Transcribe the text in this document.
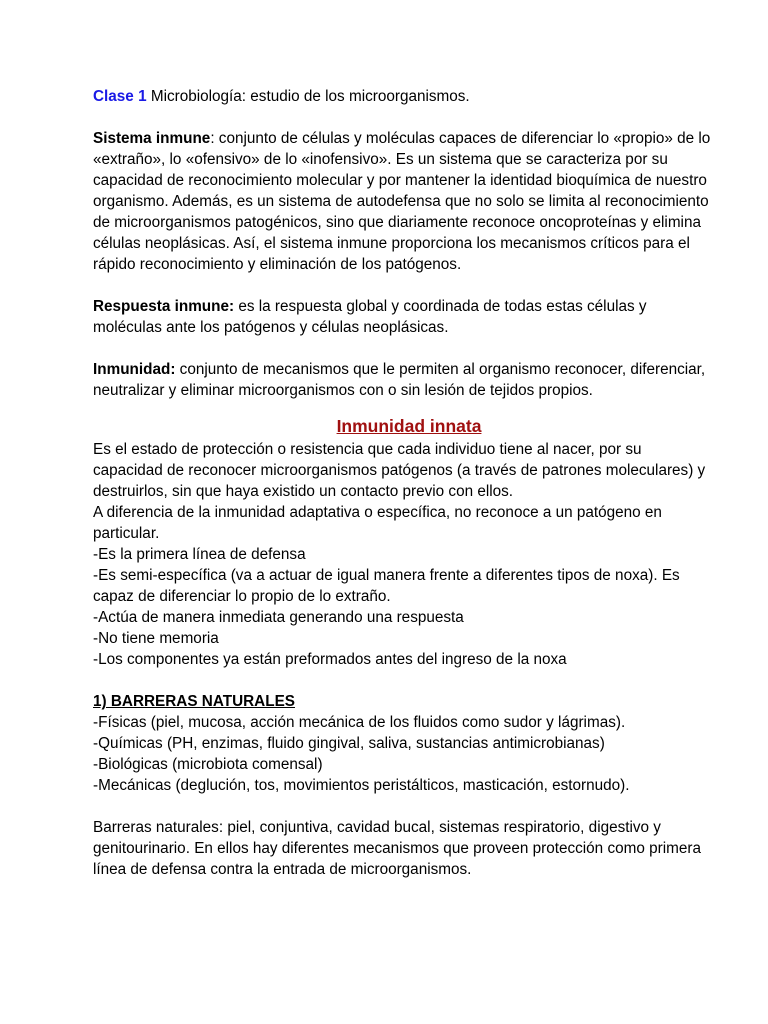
Clase 1 Microbiología: estudio de los microorganismos.

Sistema inmune: conjunto de células y moléculas capaces de diferenciar lo «propio» de lo «extraño», lo «ofensivo» de lo «inofensivo». Es un sistema que se caracteriza por su capacidad de reconocimiento molecular y por mantener la identidad bioquímica de nuestro organismo. Además, es un sistema de autodefensa que no solo se limita al reconocimiento de microorganismos patogénicos, sino que diariamente reconoce oncoproteínas y elimina células neoplásicas. Así, el sistema inmune proporciona los mecanismos críticos para el rápido reconocimiento y eliminación de los patógenos.

Respuesta inmune: es la respuesta global y coordinada de todas estas células y moléculas ante los patógenos y células neoplásicas.

Inmunidad: conjunto de mecanismos que le permiten al organismo reconocer, diferenciar, neutralizar y eliminar microorganismos con o sin lesión de tejidos propios.

Inmunidad innata

Es el estado de protección o resistencia que cada individuo tiene al nacer, por su capacidad de reconocer microorganismos patógenos (a través de patrones moleculares) y destruirlos, sin que haya existido un contacto previo con ellos.

A diferencia de la inmunidad adaptativa o específica, no reconoce a un patógeno en particular.

-Es la primera línea de defensa
-Es semi-específica (va a actuar de igual manera frente a diferentes tipos de noxa). Es capaz de diferenciar lo propio de lo extraño.
-Actúa de manera inmediata generando una respuesta
-No tiene memoria
-Los componentes ya están preformados antes del ingreso de la noxa

1) BARRERAS NATURALES

-Físicas (piel, mucosa, acción mecánica de los fluidos como sudor y lágrimas).
-Químicas (PH, enzimas, fluido gingival, saliva, sustancias antimicrobianas)
-Biológicas (microbiota comensal)
-Mecánicas (deglución, tos, movimientos peristálticos, masticación, estornudo).

Barreras naturales: piel, conjuntiva, cavidad bucal, sistemas respiratorio, digestivo y genitourinario. En ellos hay diferentes mecanismos que proveen protección como primera línea de defensa contra la entrada de microorganismos.
